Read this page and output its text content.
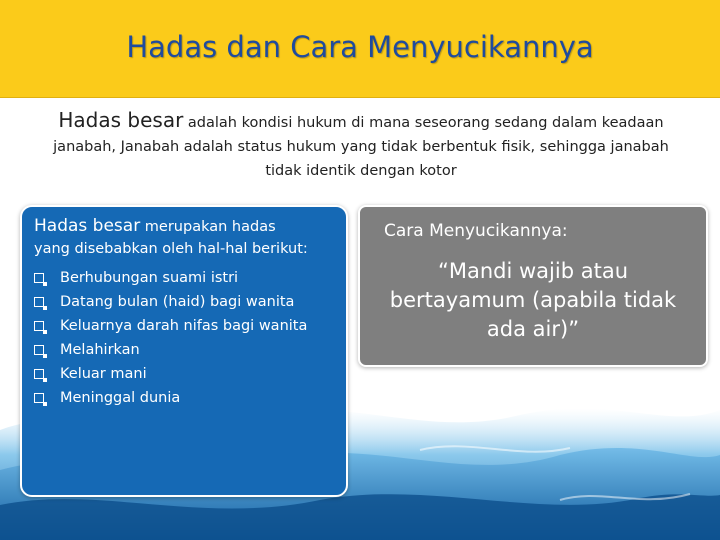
Hadas dan Cara Menyucikannya
Hadas besar adalah kondisi hukum di mana seseorang sedang dalam keadaan
janabah, Janabah adalah status hukum yang tidak berbentuk fisik, sehingga janabah
tidak identik dengan kotor
Hadas besar merupakan hadas
yang disebabkan oleh hal-hal berikut:
Berhubungan suami istri
Datang bulan (haid) bagi wanita
Keluarnya darah nifas bagi wanita
Melahirkan
Keluar mani
Meninggal dunia
Cara Menyucikannya:
“Mandi wajib atau bertayamum (apabila tidak ada air)”
